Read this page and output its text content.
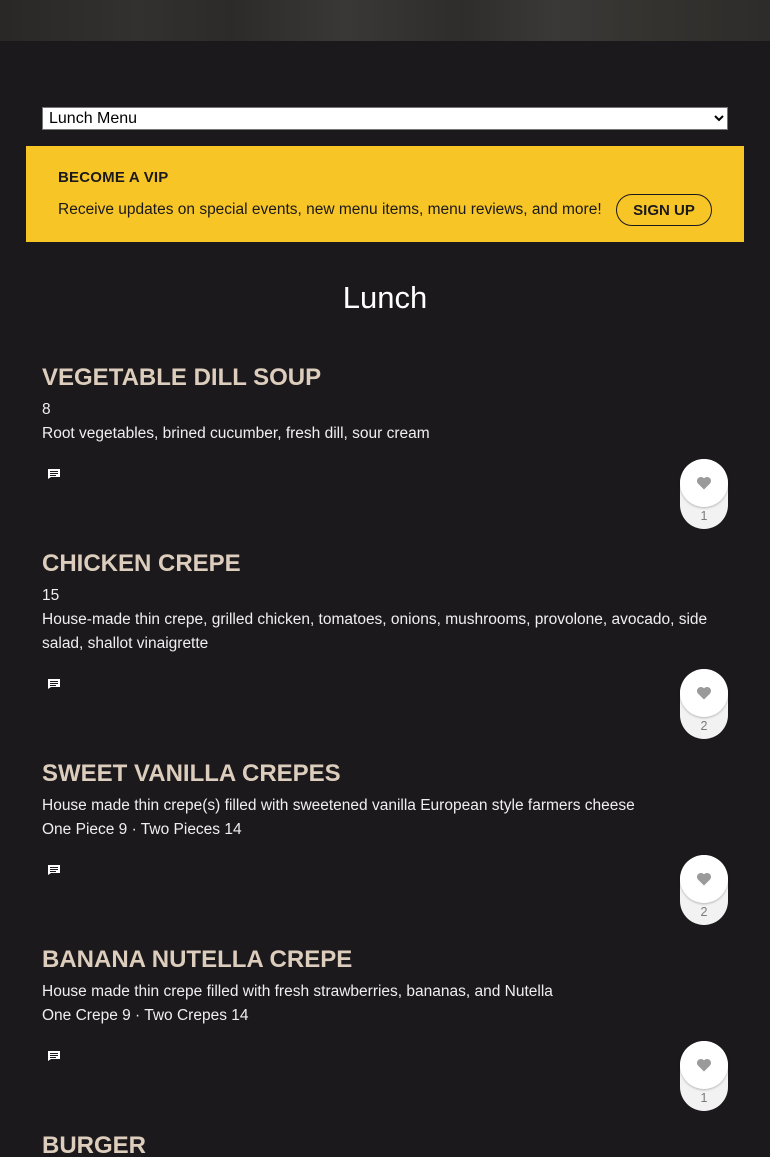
Lunch Menu
BECOME A VIP
Receive updates on special events, new menu items, menu reviews, and more!	SIGN UP
Lunch
VEGETABLE DILL SOUP
8
Root vegetables, brined cucumber, fresh dill, sour cream
1
CHICKEN CREPE
15
House-made thin crepe, grilled chicken, tomatoes, onions, mushrooms, provolone, avocado, side salad, shallot vinaigrette
2
SWEET VANILLA CREPES
House made thin crepe(s) filled with sweetened vanilla European style farmers cheese
One Piece 9 · Two Pieces 14
2
BANANA NUTELLA CREPE
House made thin crepe filled with fresh strawberries, bananas, and Nutella
One Crepe 9 · Two Crepes 14
1
BURGER
